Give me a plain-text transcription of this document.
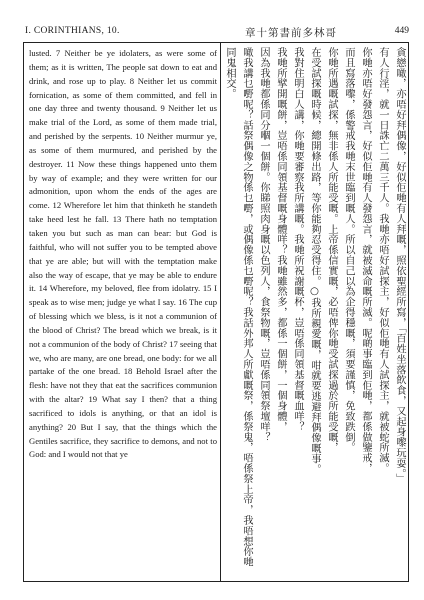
I. CORINTHIANS, 10.	章十第書前多林哥	449
lusted. 7 Neither be ye idolaters, as were some of them; as it is written, The people sat down to eat and drink, and rose up to play. 8 Neither let us commit fornication, as some of them committed, and fell in one day three and twenty thousand. 9 Neither let us make trial of the Lord, as some of them made trial, and perished by the serpents. 10 Neither murmur ye, as some of them murmured, and perished by the destroyer. 11 Now these things happened unto them by way of example; and they were written for our admonition, upon whom the ends of the ages are come. 12 Wherefore let him that thinketh he standeth take heed lest he fall. 13 There hath no temptation taken you but such as man can bear: but God is faithful, who will not suffer you to be tempted above that ye are able; but will with the temptation make also the way of escape, that ye may be able to endure it. 14 Wherefore, my beloved, flee from idolatry. 15 I speak as to wise men; judge ye what I say. 16 The cup of blessing which we bless, is it not a communion of the blood of Christ? The bread which we break, is it not a communion of the body of Christ? 17 seeing that we, who are many, are one bread, one body: for we all partake of the one bread. 18 Behold Israel after the flesh: have not they that eat the sacrifices communion with the altar? 19 What say I then? that a thing sacrificed to idols is anything, or that an idol is anything? 20 But I say, that the things which the Gentiles sacrifice, they sacrifice to demons, and not to God: and I would not that ye	貪戀噉，亦唔好拜偶像，好似佢哋有人拜嘅，照依聖經所寫，「百姓坐落飲食，又起身嚟玩耍。」
有人行淫，就一日誅亡二萬三千人。我哋亦唔好試探主，好似佢哋有人試探主，就被蛇所滅。
你哋亦唔好發怨言，好似佢哋有人發怨言，就被滅命嘅所滅。呢啲事臨到佢哋，都係做鑒戒，
而且寫落嚟，係警戒我哋末世臨到嘅人。所以自己以為企得穩嘅，須要謹慎，免致跌倒。
你哋所遇嘅試探，無非係人所能受嘅。上帝係信實嘅，必唔俾你哋受試探過於所能受嘅，
在受試探嘅時候，總開條出路，等你能夠忍受得住。○我所親愛嘅，咁就要逃避拜偶像嘅事。
我對住明白人講，你哋要審察我所講嘅。我哋所祝謝嘅杯，豈唔係同領基督嘅血咩？
我哋所擘開嘅餅，豈唔係同領基督嘅身體咩？我哋雖然多，都係一個餅，一個身體，
因為我哋都係同分嗰一個餅。你睇照肉身嘅以色列人，食祭物嘅，豈唔係同領祭壇咩？
噉我講乜嘢呢？話祭偶像之物係乜嘢，或偶像係乜嘢呢？我話外邦人所獻嘅祭，係祭鬼，唔係祭上帝，我唔想你哋
同鬼相交。
